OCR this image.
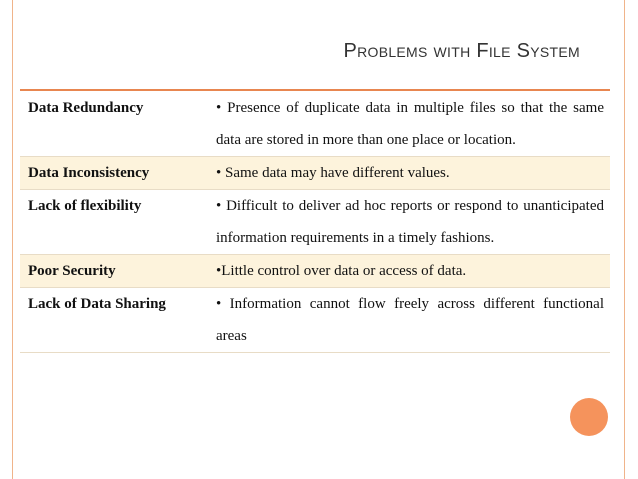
Problems with File System
Data Redundancy	• Presence of duplicate data in multiple files so that the same data are stored in more than one place or location.
Data Inconsistency	• Same data may have different values.
Lack of flexibility	• Difficult to deliver ad hoc reports or respond to unanticipated information requirements in a timely fashions.
Poor Security	•Little control over data or access of data.
Lack of Data Sharing	• Information cannot flow freely across different functional areas
